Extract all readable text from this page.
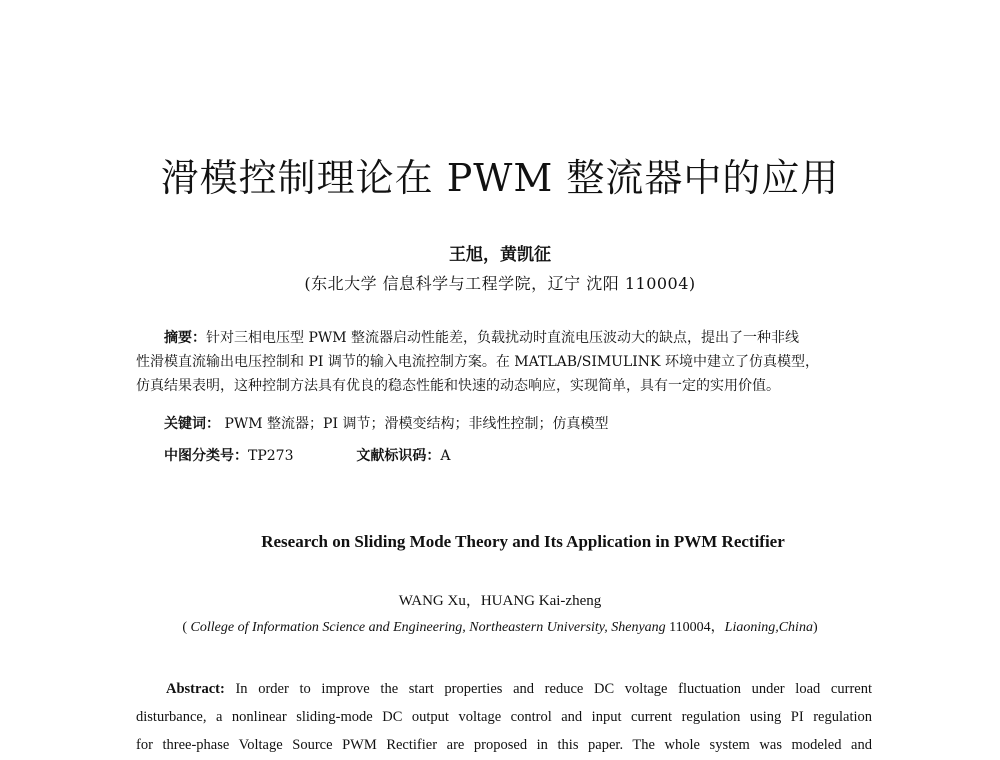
滑模控制理论在 PWM 整流器中的应用
王旭，黄凯征
(东北大学 信息科学与工程学院，辽宁 沈阳 110004)

摘要：针对三相电压型 PWM 整流器启动性能差，负载扰动时直流电压波动大的缺点，提出了一种非线

性滑模直流输出电压控制和 PI 调节的输入电流控制方案。在 MATLAB/SIMULINK 环境中建立了仿真模型，

仿真结果表明，这种控制方法具有优良的稳态性能和快速的动态响应，实现简单，具有一定的实用价值。

关键词： PWM 整流器；PI 调节；滑模变结构；非线性控制；仿真模型
中图分类号：TP273	文献标识码：A
Research on Sliding Mode Theory and Its Application in PWM Rectifier
WANG Xu，HUANG Kai-zheng
( College of Information Science and Engineering, Northeastern University, Shenyang 110004，Liaoning,China)

Abstract: In order to improve the start properties and reduce DC voltage fluctuation under load current

disturbance, a nonlinear sliding-mode DC output voltage control and input current regulation using PI regulation

for three-phase Voltage Source PWM Rectifier are proposed in this paper. The whole system was modeled and
